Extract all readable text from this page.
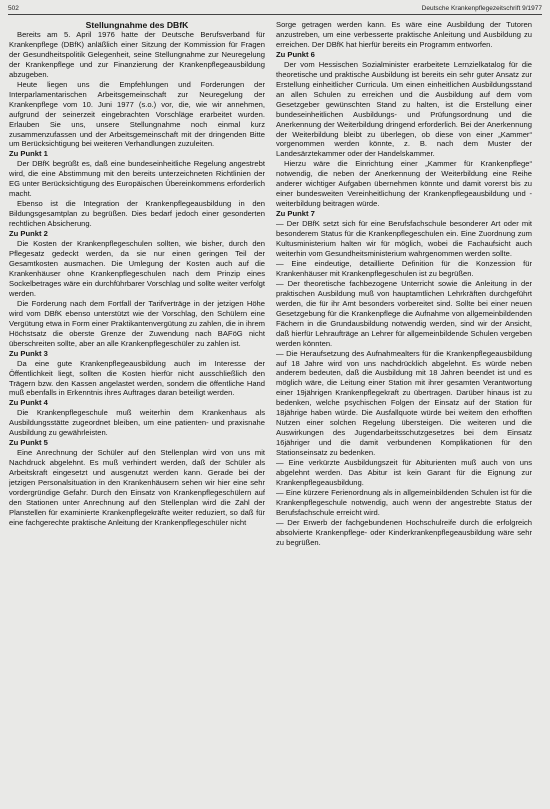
502	Deutsche Krankenpflegezeitschrift 9/1977
Stellungnahme des DBfK

Bereits am 5. April 1976 hatte der Deutsche Berufsverband für Krankenpflege (DBfK) anläßlich einer Sitzung der Kommission für Fragen der Gesundheitspolitik Gelegenheit, seine Stellungnahme zur Neuregelung der Krankenpflege und zur Finanzierung der Krankenpflegeausbildung abzugeben.

Heute liegen uns die Empfehlungen und Forderungen der Interparlamentarischen Arbeitsgemeinschaft zur Neuregelung der Krankenpflege vom 10. Juni 1977 (s.o.) vor, die, wie wir annehmen, aufgrund der seinerzeit eingebrachten Vorschläge erarbeitet wurden. Erlauben Sie uns, unsere Stellungnahme noch einmal kurz zusammenzufassen und der Arbeitsgemeinschaft mit der dringenden Bitte um Berücksichtigung bei weiteren Verhandlungen zuzuleiten.

Zu Punkt 1

Der DBfK begrüßt es, daß eine bundeseinheitliche Regelung angestrebt wird, die eine Abstimmung mit den bereits unterzeichneten Richtlinien der EG unter Berücksichtigung des Europäischen Übereinkommens erforderlich macht.

Ebenso ist die Integration der Krankenpflegeausbildung in den Bildungsgesamtplan zu begrüßen. Dies bedarf jedoch einer gesonderten rechtlichen Absicherung.

Zu Punkt 2

Die Kosten der Krankenpflegeschulen sollten, wie bisher, durch den Pflegesatz gedeckt werden, da sie nur einen geringen Teil der Gesamtkosten ausmachen. Die Umlegung der Kosten auch auf die Krankenhäuser ohne Krankenpflegeschulen nach dem Prinzip eines Sockelbetrages wäre ein durchführbarer Vorschlag und sollte weiter verfolgt werden.

Die Forderung nach dem Fortfall der Tarifverträge in der jetzigen Höhe wird vom DBfK ebenso unterstützt wie der Vorschlag, den Schülern eine Vergütung etwa in Form einer Praktikantenvergütung zu zahlen, die in ihrem Höchstsatz die oberste Grenze der Zuwendung nach BAFöG nicht überschreiten sollte, aber an alle Krankenpflegeschüler zu zahlen ist.

Zu Punkt 3

Da eine gute Krankenpflegeausbildung auch im Interesse der Öffentlichkeit liegt, sollten die Kosten hierfür nicht ausschließlich den Trägern bzw. den Kassen angelastet werden, sondern die öffentliche Hand muß ebenfalls in Erkenntnis ihres Auftrages daran beteiligt werden.

Zu Punkt 4

Die Krankenpflegeschule muß weiterhin dem Krankenhaus als Ausbildungsstätte zugeordnet bleiben, um eine patienten- und praxisnahe Ausbildung zu gewährleisten.

Zu Punkt 5

Eine Anrechnung der Schüler auf den Stellenplan wird von uns mit Nachdruck abgelehnt. Es muß verhindert werden, daß der Schüler als Arbeitskraft eingesetzt und ausgenutzt werden kann. Gerade bei der jetzigen Personalsituation in den Krankenhäusern sehen wir hier eine sehr vordergründige Gefahr. Durch den Einsatz von Krankenpflegeschülern auf den Stationen unter Anrechnung auf den Stellenplan wird die Zahl der Planstellen für examinierte Krankenpflegekräfte weiter reduziert, so daß für eine fachgerechte praktische Anleitung der Krankenpflegeschüler nicht

Sorge getragen werden kann. Es wäre eine Ausbildung der Tutoren anzustreben, um eine verbesserte praktische Anleitung und Ausbildung zu erreichen. Der DBfK hat hierfür bereits ein Programm entworfen.

Zu Punkt 6

Der vom Hessischen Sozialminister erarbeitete Lernzielkatalog für die theoretische und praktische Ausbildung ist bereits ein sehr guter Ansatz zur Erstellung einheitlicher Curricula. Um einen einheitlichen Ausbildungsstand an allen Schulen zu erreichen und die Ausbildung auf dem vom Gesetzgeber gewünschten Stand zu halten, ist die Erstellung einer bundeseinheitlichen Ausbildungs- und Prüfungsordnung und die Anerkennung der Weiterbildung dringend erforderlich. Bei der Anerkennung der Weiterbildung bleibt zu überlegen, ob diese von einer „Kammer“ vorgenommen werden könnte, z. B. nach dem Muster der Landesärztekammer oder der Handelskammer.

Hierzu wäre die Einrichtung einer „Kammer für Krankenpflege“ notwendig, die neben der Anerkennung der Weiterbildung eine Reihe anderer wichtiger Aufgaben übernehmen könnte und damit vorerst bis zu einer bundesweiten Vereinheitlichung der Krankenpflegeausbildung und -weiterbildung beitragen würde.

Zu Punkt 7

— Der DBfK setzt sich für eine Berufsfachschule besonderer Art oder mit besonderem Status für die Krankenpflegeschulen ein. Eine Zuordnung zum Kultusministerium halten wir für möglich, wobei die Fachaufsicht auch weiterhin vom Gesundheitsministerium wahrgenommen werden sollte.

— Eine eindeutige, detaillierte Definition für die Konzession für Krankenhäuser mit Krankenpflegeschulen ist zu begrüßen.

— Der theoretische fachbezogene Unterricht sowie die Anleitung in der praktischen Ausbildung muß von hauptamtlichen Lehrkräften durchgeführt werden, die für ihr Amt besonders vorbereitet sind. Sollte bei einer neuen Gesetzgebung für die Krankenpflege die Aufnahme von allgemeinbildenden Fächern in die Grundausbildung notwendig werden, sind wir der Ansicht, daß hierfür Lehraufträge an Lehrer für allgemeinbildende Schulen vergeben werden könnten.

— Die Heraufsetzung des Aufnahmealters für die Krankenpflegeausbildung auf 18 Jahre wird von uns nachdrücklich abgelehnt. Es würde neben anderem bedeuten, daß die Ausbildung mit 18 Jahren beendet ist und es möglich wäre, die Leitung einer Station mit ihrer gesamten Verantwortung einer 19jährigen Krankenpflegekraft zu übertragen. Darüber hinaus ist zu bedenken, welche psychischen Folgen der Einsatz auf der Station für 18jährige haben würde. Die Ausfallquote würde bei weitem den erhofften Nutzen einer solchen Regelung übersteigen. Die weiteren und die Auswirkungen des Jugendarbeitsschutzgesetzes bei dem Einsatz 16jähriger und die damit verbundenen Komplikationen für den Stationseinsatz zu bedenken.

— Eine verkürzte Ausbildungszeit für Abiturienten muß auch von uns abgelehnt werden. Das Abitur ist kein Garant für die Eignung zur Krankenpflegeausbildung.

— Eine kürzere Ferienordnung als in allgemeinbildenden Schulen ist für die Krankenpflegeschule notwendig, auch wenn der angestrebte Status der Berufsfachschule erreicht wird.

— Der Erwerb der fachgebundenen Hochschulreife durch die erfolgreich absolvierte Krankenpflege- oder Kinderkrankenpflegeausbildung wäre sehr zu begrüßen.
